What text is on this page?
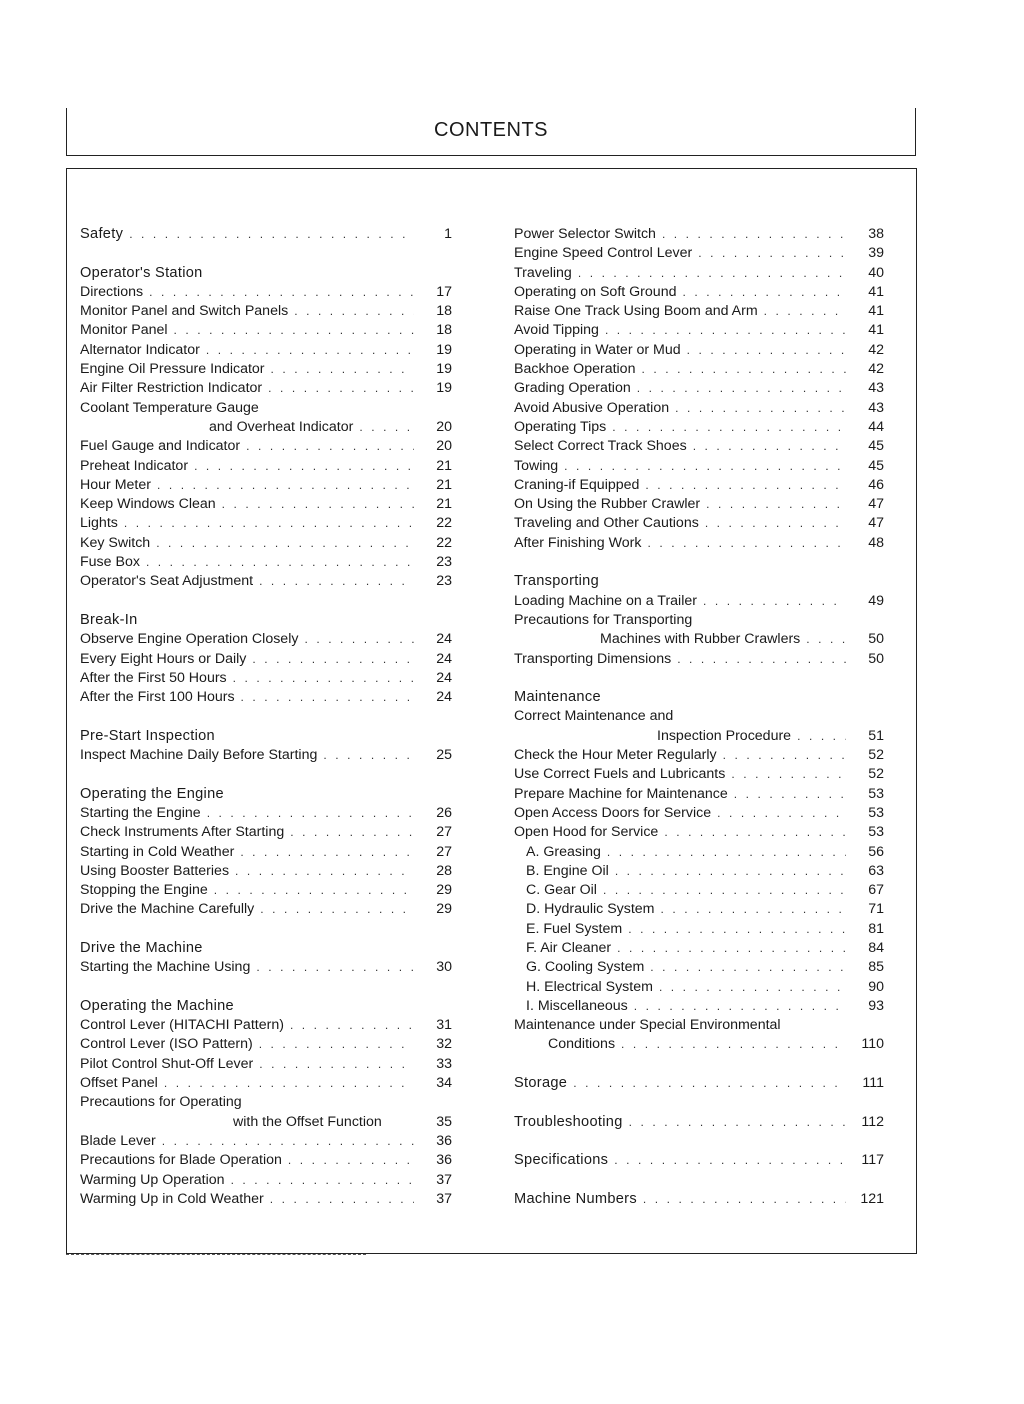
CONTENTS
Safety . . .	1
Operator's Station
Directions . . .	17
Monitor Panel and Switch Panels . . .	18
Monitor Panel . . .	18
Alternator Indicator . . .	19
Engine Oil Pressure Indicator . . .	19
Air Filter Restriction Indicator . . .	19
Coolant Temperature Gauge
and Overheat Indicator . . .	20
Fuel Gauge and Indicator . . .	20
Preheat Indicator . . .	21
Hour Meter . . .	21
Keep Windows Clean . . .	21
Lights . . .	22
Key Switch . . .	22
Fuse Box . . .	23
Operator's Seat Adjustment . . .	23
Break-In
Observe Engine Operation Closely . . .	24
Every Eight Hours or Daily . . .	24
After the First 50 Hours . . .	24
After the First 100 Hours . . .	24
Pre-Start Inspection
Inspect Machine Daily Before Starting . . .	25
Operating the Engine
Starting the Engine . . .	26
Check Instruments After Starting . . .	27
Starting in Cold Weather . . .	27
Using Booster Batteries . . .	28
Stopping the Engine . . .	29
Drive the Machine Carefully . . .	29
Drive the Machine
Starting the Machine Using . . .	30
Operating the Machine
Control Lever (HITACHI Pattern) . . .	31
Control Lever (ISO Pattern) . . .	32
Pilot Control Shut-Off Lever . . .	33
Offset Panel . . .	34
Precautions for Operating
with the Offset Function	35
Blade Lever . . .	36
Precautions for Blade Operation . . .	36
Warming Up Operation . . .	37
Warming Up in Cold Weather . . .	37
Power Selector Switch . . .	38
Engine Speed Control Lever . . .	39
Traveling . . .	40
Operating on Soft Ground . . .	41
Raise One Track Using Boom and Arm . . .	41
Avoid Tipping . . .	41
Operating in Water or Mud . . .	42
Backhoe Operation . . .	42
Grading Operation . . .	43
Avoid Abusive Operation . . .	43
Operating Tips . . .	44
Select Correct Track Shoes . . .	45
Towing . . .	45
Craning-if Equipped . . .	46
On Using the Rubber Crawler . . .	47
Traveling and Other Cautions . . .	47
After Finishing Work . . .	48
Transporting
Loading Machine on a Trailer . . .	49
Precautions for Transporting
Machines with Rubber Crawlers . . .	50
Transporting Dimensions . . .	50
Maintenance
Correct Maintenance and
Inspection Procedure . . .	51
Check the Hour Meter Regularly . . .	52
Use Correct Fuels and Lubricants . . .	52
Prepare Machine for Maintenance . . .	53
Open Access Doors for Service . . .	53
Open Hood for Service . . .	53
A. Greasing . . .	56
B. Engine Oil . . .	63
C. Gear Oil . . .	67
D. Hydraulic System . . .	71
E. Fuel System . . .	81
F. Air Cleaner . . .	84
G. Cooling System . . .	85
H. Electrical System . . .	90
I. Miscellaneous . . .	93
Maintenance under Special Environmental
Conditions . . .	110
Storage . . .	111
Troubleshooting . . .	112
Specifications . . .	117
Machine Numbers . . .	121
